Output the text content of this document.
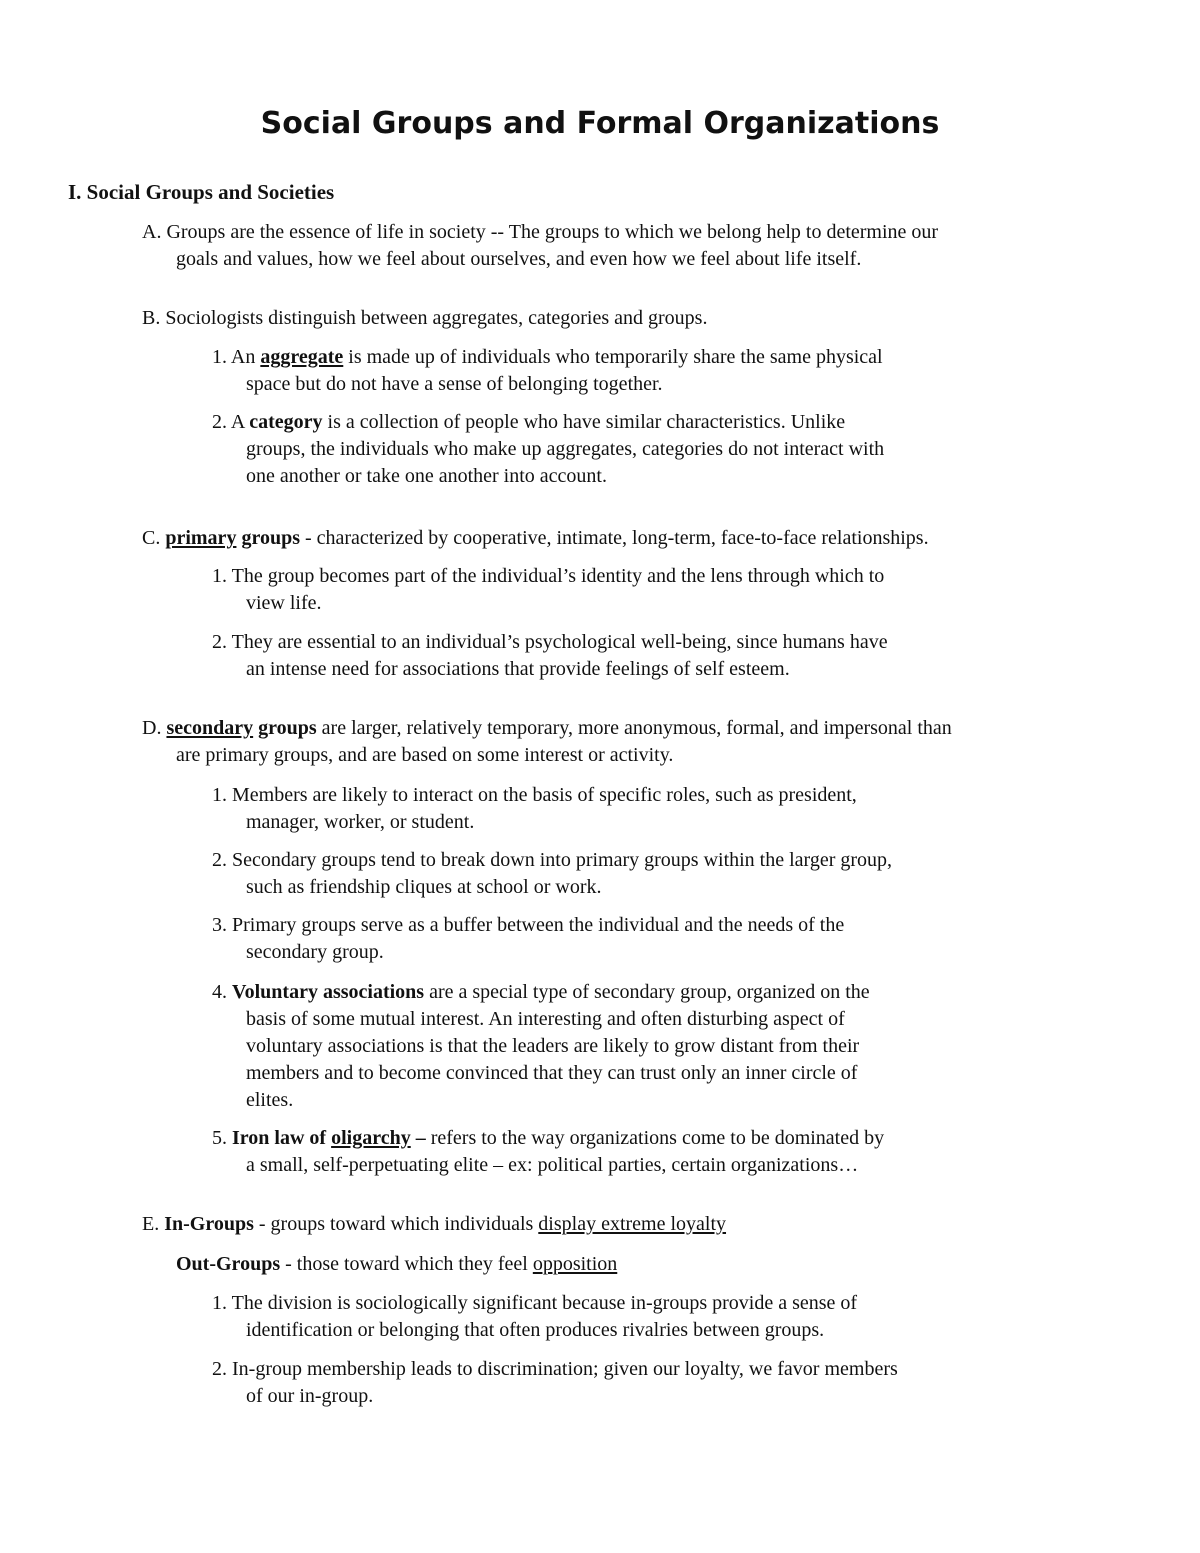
Social Groups and Formal Organizations
I. Social Groups and Societies
A. Groups are the essence of life in society -- The groups to which we belong help to determine our
goals and values, how we feel about ourselves, and even how we feel about life itself.
B. Sociologists distinguish between aggregates, categories and groups.
1. An aggregate is made up of individuals who temporarily share the same physical
space but do not have a sense of belonging together.
2. A category is a collection of people who have similar characteristics. Unlike
groups, the individuals who make up aggregates, categories do not interact with
one another or take one another into account.
C. primary groups - characterized by cooperative, intimate, long-term, face-to-face relationships.
1. The group becomes part of the individual’s identity and the lens through which to
view life.
2. They are essential to an individual’s psychological well-being, since humans have
an intense need for associations that provide feelings of self esteem.
D. secondary groups are larger, relatively temporary, more anonymous, formal, and impersonal than
are primary groups, and are based on some interest or activity.
1. Members are likely to interact on the basis of specific roles, such as president,
manager, worker, or student.
2. Secondary groups tend to break down into primary groups within the larger group,
such as friendship cliques at school or work.
3. Primary groups serve as a buffer between the individual and the needs of the
secondary group.
4. Voluntary associations are a special type of secondary group, organized on the
basis of some mutual interest. An interesting and often disturbing aspect of
voluntary associations is that the leaders are likely to grow distant from their
members and to become convinced that they can trust only an inner circle of
elites.
5. Iron law of oligarchy – refers to the way organizations come to be dominated by
a small, self-perpetuating elite – ex: political parties, certain organizations…
E. In-Groups - groups toward which individuals display extreme loyalty
Out-Groups - those toward which they feel opposition
1. The division is sociologically significant because in-groups provide a sense of
identification or belonging that often produces rivalries between groups.
2. In-group membership leads to discrimination; given our loyalty, we favor members
of our in-group.
